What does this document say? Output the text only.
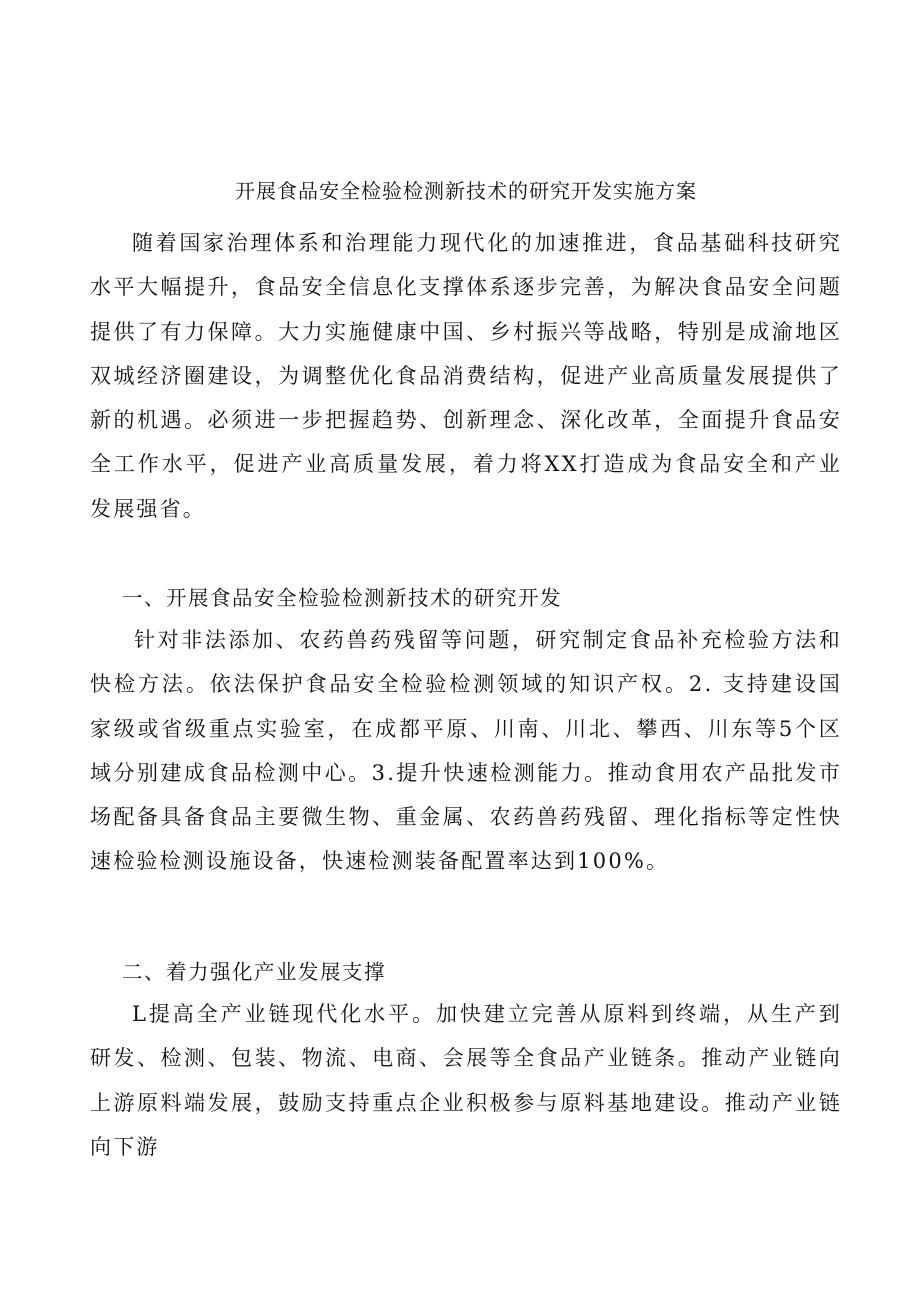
开展食品安全检验检测新技术的研究开发实施方案

随着国家治理体系和治理能力现代化的加速推进，食品基础科技研究水平大幅提升，食品安全信息化支撑体系逐步完善，为解决食品安全问题提供了有力保障。大力实施健康中国、乡村振兴等战略，特别是成渝地区双城经济圈建设，为调整优化食品消费结构，促进产业高质量发展提供了新的机遇。必须进一步把握趋势、创新理念、深化改革，全面提升食品安全工作水平，促进产业高质量发展，着力将XX打造成为食品安全和产业发展强省。

一、开展食品安全检验检测新技术的研究开发

针对非法添加、农药兽药残留等问题，研究制定食品补充检验方法和快检方法。依法保护食品安全检验检测领域的知识产权。2. 支持建设国家级或省级重点实验室，在成都平原、川南、川北、攀西、川东等5个区域分别建成食品检测中心。3.提升快速检测能力。推动食用农产品批发市场配备具备食品主要微生物、重金属、农药兽药残留、理化指标等定性快速检验检测设施设备，快速检测装备配置率达到100%。

二、着力强化产业发展支撑

L提高全产业链现代化水平。加快建立完善从原料到终端，从生产到研发、检测、包装、物流、电商、会展等全食品产业链条。推动产业链向上游原料端发展，鼓励支持重点企业积极参与原料基地建设。推动产业链向下游
